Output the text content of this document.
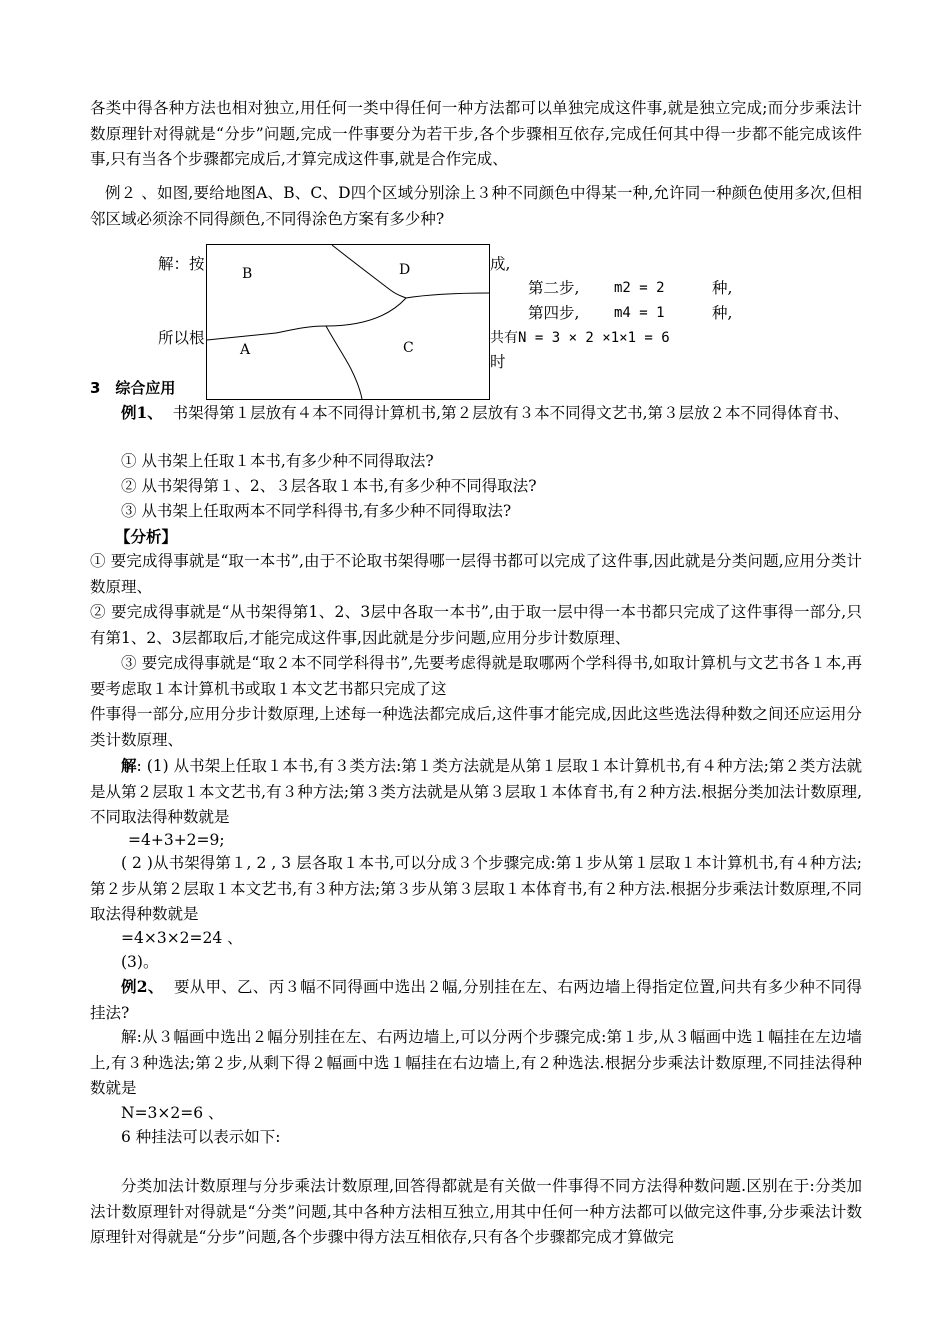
各类中得各种方法也相对独立,用任何一类中得任何一种方法都可以单独完成这件事,就是独立完成;而分步乘法计数原理针对得就是“分步”问题,完成一件事要分为若干步,各个步骤相互依存,完成任何其中得一步都不能完成该件事,只有当各个步骤都完成后,才算完成这件事,就是合作完成、
例２ 、如图,要给地图A、B、C、D四个区域分别涂上３种不同颜色中得某一种,允许同一种颜色使用多次,但相邻区域必须涂不同得颜色,不同得涂色方案有多少种?
解：按	成,
第二步, m2 = 2	种,
第四步, m4 = 1	种,
所以根	共有N = 3 × 2 ×1×1 = 6
时
B	D
A	C
3　综合应用
例1、 书架得第１层放有４本不同得计算机书,第２层放有３本不同得文艺书,第３层放２本不同得体育书、
① 从书架上任取１本书,有多少种不同得取法?
② 从书架得第１、2、３层各取１本书,有多少种不同得取法?
③ 从书架上任取两本不同学科得书,有多少种不同得取法?
【分析】
① 要完成得事就是“取一本书”,由于不论取书架得哪一层得书都可以完成了这件事,因此就是分类问题,应用分类计数原理、
② 要完成得事就是“从书架得第1、2、3层中各取一本书”,由于取一层中得一本书都只完成了这件事得一部分,只有第1、2、3层都取后,才能完成这件事,因此就是分步问题,应用分步计数原理、
③ 要完成得事就是“取２本不同学科得书”,先要考虑得就是取哪两个学科得书,如取计算机与文艺书各１本,再要考虑取１本计算机书或取１本文艺书都只完成了这
件事得一部分,应用分步计数原理,上述每一种选法都完成后,这件事才能完成,因此这些选法得种数之间还应运用分类计数原理、
解: (1) 从书架上任取１本书,有３类方法:第１类方法就是从第１层取１本计算机书,有４种方法;第２类方法就是从第２层取１本文艺书,有３种方法;第３类方法就是从第３层取１本体育书,有２种方法.根据分类加法计数原理,不同取法得种数就是
=4+3+2=9;
( 2 )从书架得第１, 2 , 3 层各取１本书,可以分成３个步骤完成:第１步从第１层取１本计算机书,有４种方法;第２步从第２层取１本文艺书,有３种方法;第３步从第３层取１本体育书,有２种方法.根据分步乘法计数原理,不同取法得种数就是
=4×3×2=24 、
(3)。
例2、 要从甲、乙、丙３幅不同得画中选出２幅,分别挂在左、右两边墙上得指定位置,问共有多少种不同得挂法?
解:从３幅画中选出２幅分别挂在左、右两边墙上,可以分两个步骤完成:第１步,从３幅画中选１幅挂在左边墙上,有３种选法;第２步,从剩下得２幅画中选１幅挂在右边墙上,有２种选法.根据分步乘法计数原理,不同挂法得种数就是
N=3×2=6 、
6 种挂法可以表示如下:
分类加法计数原理与分步乘法计数原理,回答得都就是有关做一件事得不同方法得种数问题.区别在于:分类加法计数原理针对得就是“分类”问题,其中各种方法相互独立,用其中任何一种方法都可以做完这件事,分步乘法计数原理针对得就是“分步”问题,各个步骤中得方法互相依存,只有各个步骤都完成才算做完
